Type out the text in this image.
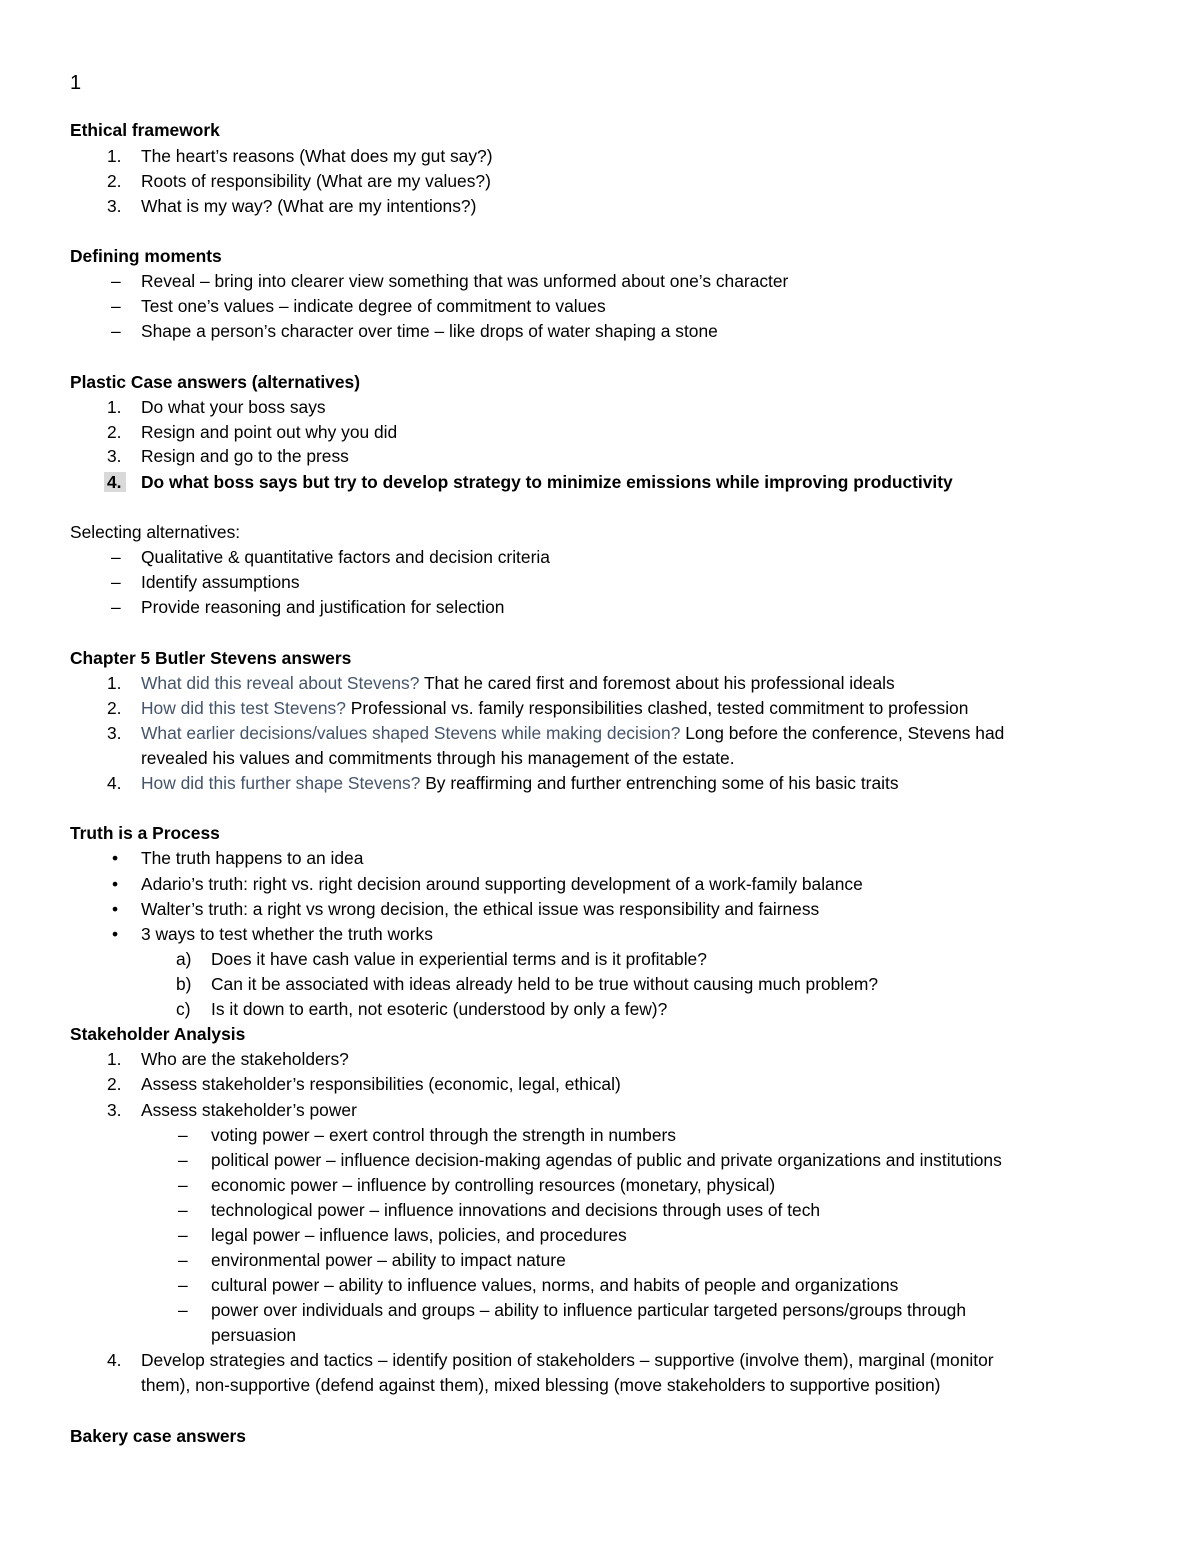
1
Ethical framework
1. The heart’s reasons (What does my gut say?)
2. Roots of responsibility (What are my values?)
3. What is my way? (What are my intentions?)
Defining moments
– Reveal – bring into clearer view something that was unformed about one’s character
– Test one’s values – indicate degree of commitment to values
– Shape a person’s character over time – like drops of water shaping a stone
Plastic Case answers (alternatives)
1. Do what your boss says
2. Resign and point out why you did
3. Resign and go to the press
4. Do what boss says but try to develop strategy to minimize emissions while improving productivity
Selecting alternatives:
– Qualitative & quantitative factors and decision criteria
– Identify assumptions
– Provide reasoning and justification for selection
Chapter 5 Butler Stevens answers
1. What did this reveal about Stevens? That he cared first and foremost about his professional ideals
2. How did this test Stevens? Professional vs. family responsibilities clashed, tested commitment to profession
3. What earlier decisions/values shaped Stevens while making decision? Long before the conference, Stevens had
revealed his values and commitments through his management of the estate.
4. How did this further shape Stevens? By reaffirming and further entrenching some of his basic traits
Truth is a Process
• The truth happens to an idea
• Adario’s truth: right vs. right decision around supporting development of a work-family balance
• Walter’s truth: a right vs wrong decision, the ethical issue was responsibility and fairness
• 3 ways to test whether the truth works
a) Does it have cash value in experiential terms and is it profitable?
b) Can it be associated with ideas already held to be true without causing much problem?
c) Is it down to earth, not esoteric (understood by only a few)?
Stakeholder Analysis
1. Who are the stakeholders?
2. Assess stakeholder’s responsibilities (economic, legal, ethical)
3. Assess stakeholder’s power
– voting power – exert control through the strength in numbers
– political power – influence decision-making agendas of public and private organizations and institutions
– economic power – influence by controlling resources (monetary, physical)
– technological power – influence innovations and decisions through uses of tech
– legal power – influence laws, policies, and procedures
– environmental power – ability to impact nature
– cultural power – ability to influence values, norms, and habits of people and organizations
– power over individuals and groups – ability to influence particular targeted persons/groups through
persuasion
4. Develop strategies and tactics – identify position of stakeholders – supportive (involve them), marginal (monitor
them), non-supportive (defend against them), mixed blessing (move stakeholders to supportive position)
Bakery case answers
